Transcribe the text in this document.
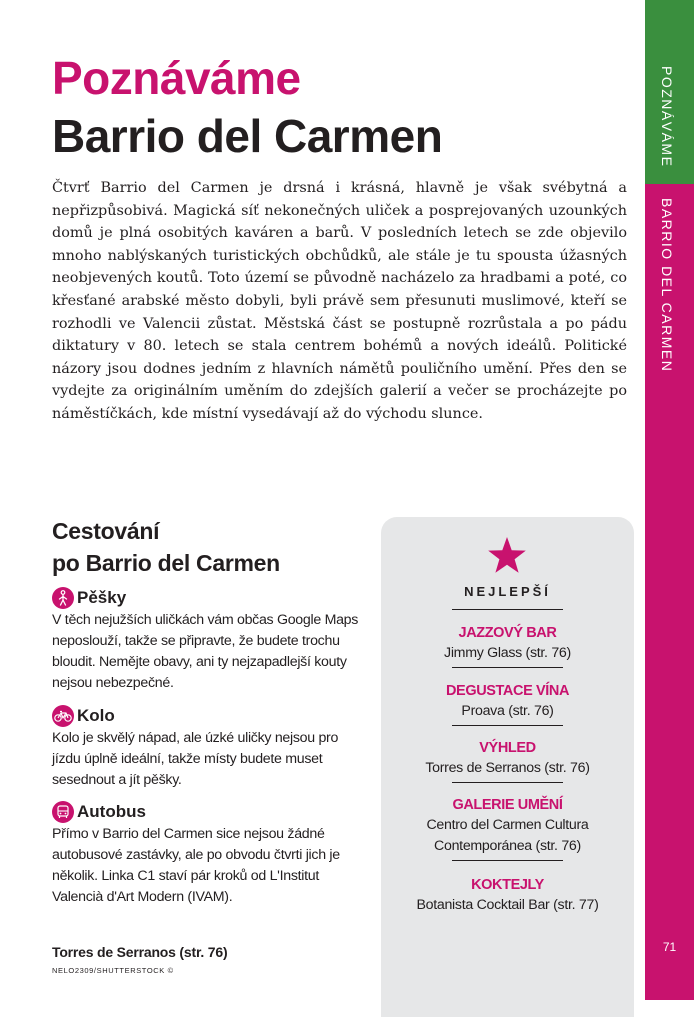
POZNÁVÁME
BARRIO DEL CARMEN
71
Poznáváme
Barrio del Carmen

Čtvrť Barrio del Carmen je drsná i krásná, hlavně je však svébytná a nepřizpůsobivá. Magická síť nekonečných uliček a posprejovaných uzounkých domů je plná osobitých kaváren a barů. V posledních letech se zde objevilo mnoho nablýskaných turistických obchůdků, ale stále je tu spousta úžasných neobjevených koutů. Toto území se původně nacházelo za hradbami a poté, co křesťané arabské město dobyli, byli právě sem přesunuti muslimové, kteří se rozhodli ve Valencii zůstat. Městská část se postupně rozrůstala a po pádu diktatury v 80. letech se stala centrem bohémů a nových ideálů. Politické názory jsou dodnes jedním z hlavních námětů pouličního umění. Přes den se vydejte za originálním uměním do zdejších galerií a večer se procházejte po náměstíčkách, kde místní vysedávají až do východu slunce.

Cestování
po Barrio del Carmen
Pěšky

V těch nejužších uličkách vám občas Google Maps neposlouží, takže se připravte, že budete trochu bloudit. Nemějte obavy, ani ty nejzapadlejší kouty nejsou nebezpečné.

Kolo

Kolo je skvělý nápad, ale úzké uličky nejsou pro jízdu úplně ideální, takže místy budete muset sesednout a jít pěšky.

Autobus

Přímo v Barrio del Carmen sice nejsou žádné autobusové zastávky, ale po obvodu čtvrti jich je několik. Linka C1 staví pár kroků od L'Institut Valencià d'Art Modern (IVAM).

Torres de Serranos (str. 76)

NELO2309/SHUTTERSTOCK ©

NEJLEPŠÍ
JAZZOVÝ BAR
Jimmy Glass (str. 76)
DEGUSTACE VÍNA
Proava (str. 76)
VÝHLED
Torres de Serranos (str. 76)
GALERIE UMĚNÍ
Centro del Carmen Cultura
Contemporánea (str. 76)
KOKTEJLY
Botanista Cocktail Bar (str. 77)
